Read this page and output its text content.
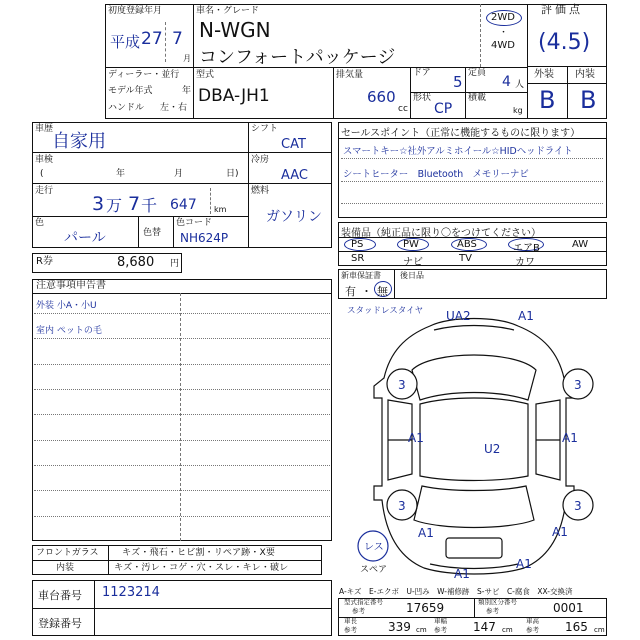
初度登録年月
平成 27 7
月
車名・グレード
N-WGN
コンフォートパッケージ
2WD
・
4WD
評価点
(4.5)
外装 内装
B B
ディーラー・並行
モデル年式	年
ハンドル 左・右
型式
DBA-JH1
排気量
660
cc
ドア 5
形状
CP
定員
4 人
積載
kg
車歴
自家用
車検
(	年	月	日)
走行
3 万 7 千 647 km
色
パール	色替
色コード
NH624P
シフト
CAT
冷房
AAC
燃料
ガソリン
セールスポイント（正常に機能するものに限ります）
スマートキー☆社外アルミホイール☆HIDヘッドライト
シートヒーター　Bluetooth　メモリーナビ
装備品（純正品に限り〇をつけてください）
PS	PW	ABS	エアB	AW
SR	ナビ	TV	カワ
新車保証書 後日品
有 ・ 無
R券	8,680 円
注意事項申告書
外装 小A・小U
室内 ペットの毛
フロントガラス	キズ・飛石・ヒビ割・リペア跡・X要
内装	キズ・汚レ・コゲ・穴・スレ・キレ・破レ
車台番号 1123214
登録番号
A-キズ　E-エクボ　U-凹み　W-補修跡　S-サビ　C-腐食　XX-交換済
型式指定番号
参考	17659	類別区分番号
参考	0001
車長
参考	339 cm
車幅
参考 147 cm
車高
参考 165 cm
スタッドレスタイヤ UA2	A1
3	3
A1	A1
U2
3	3
A1	A1
A1
A1
レス
スペア
